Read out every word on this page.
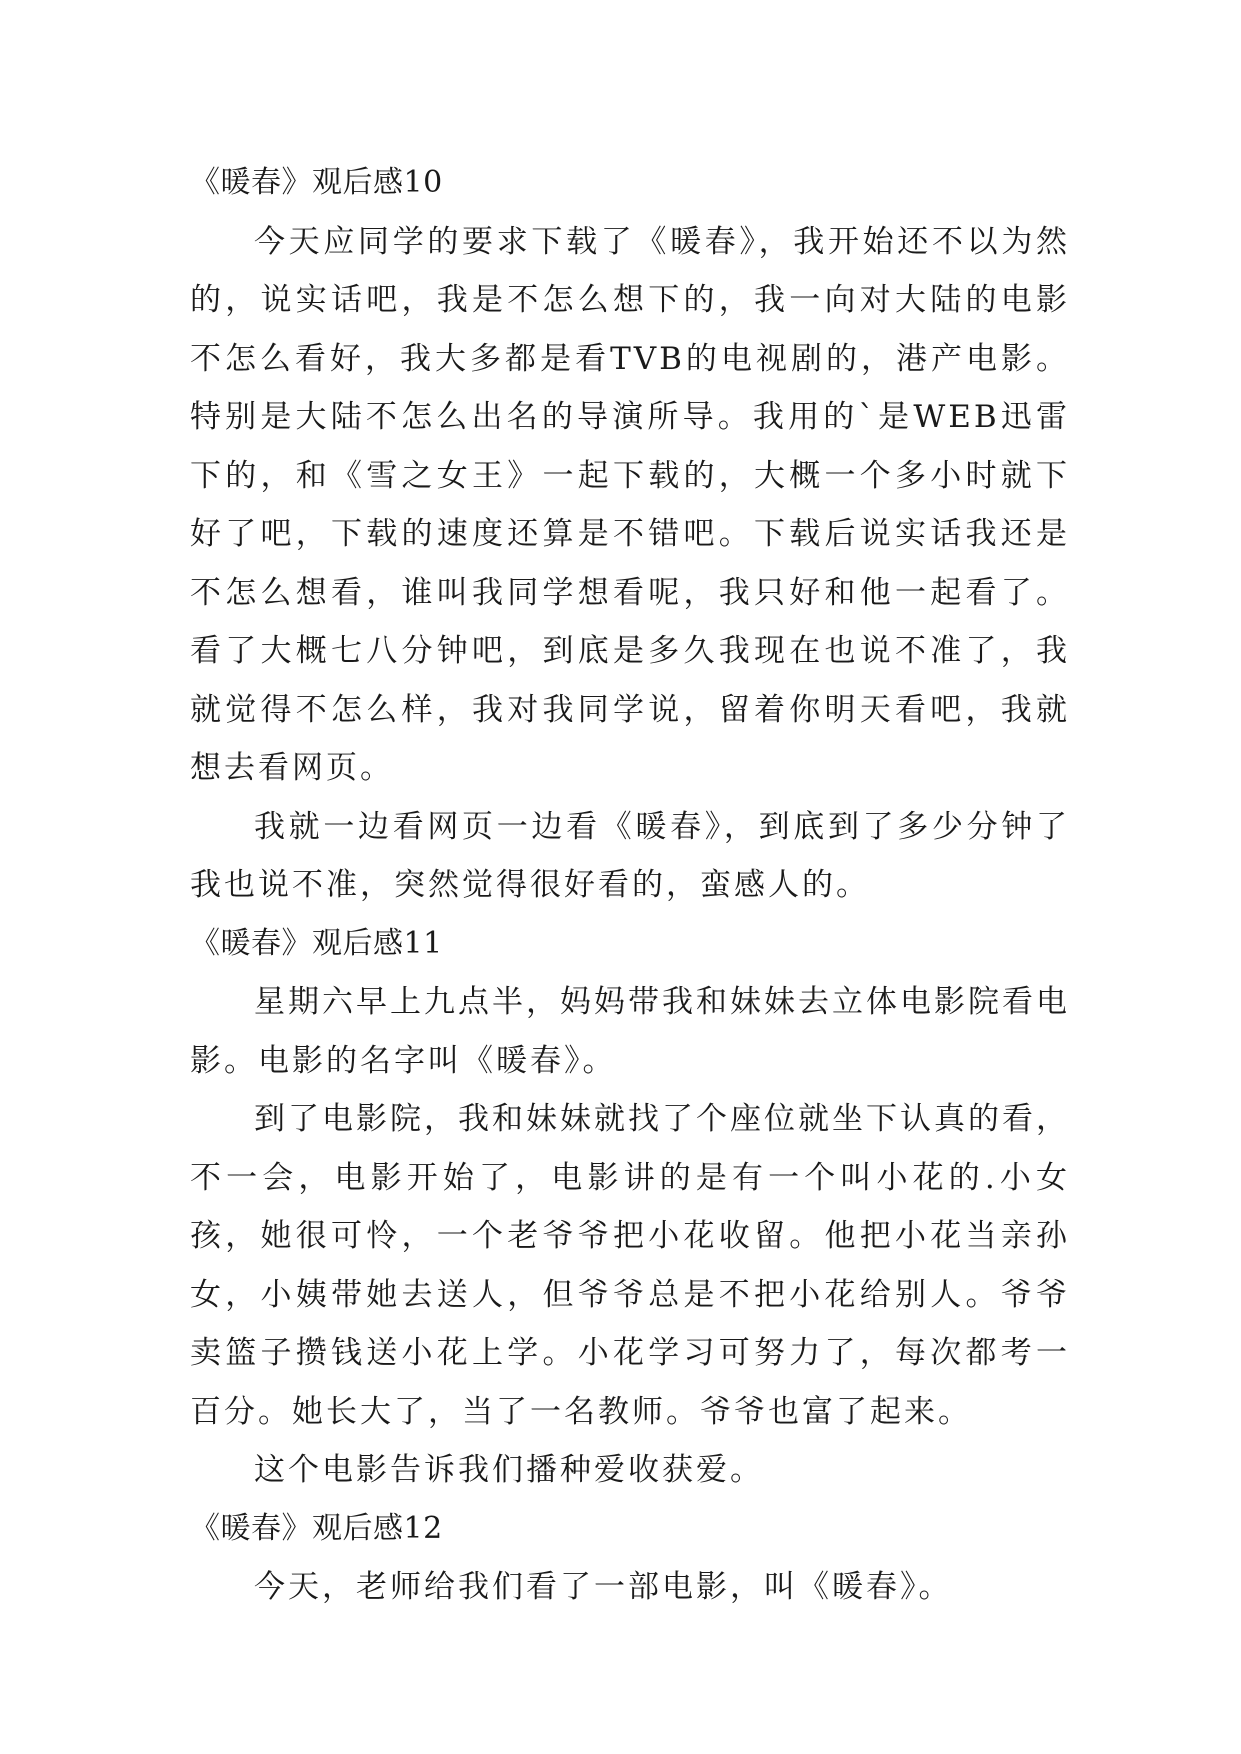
《暖春》观后感10

今天应同学的要求下载了《暖春》，我开始还不以为然的，说实话吧，我是不怎么想下的，我一向对大陆的电影不怎么看好，我大多都是看TVB的电视剧的，港产电影。特别是大陆不怎么出名的导演所导。我用的`是WEB迅雷下的，和《雪之女王》一起下载的，大概一个多小时就下好了吧，下载的速度还算是不错吧。下载后说实话我还是不怎么想看，谁叫我同学想看呢，我只好和他一起看了。看了大概七八分钟吧，到底是多久我现在也说不准了，我就觉得不怎么样，我对我同学说，留着你明天看吧，我就想去看网页。

我就一边看网页一边看《暖春》，到底到了多少分钟了我也说不准，突然觉得很好看的，蛮感人的。

《暖春》观后感11

星期六早上九点半，妈妈带我和妹妹去立体电影院看电影。电影的名字叫《暖春》。

到了电影院，我和妹妹就找了个座位就坐下认真的看，不一会，电影开始了，电影讲的是有一个叫小花的.小女孩，她很可怜，一个老爷爷把小花收留。他把小花当亲孙女，小姨带她去送人，但爷爷总是不把小花给别人。爷爷卖篮子攒钱送小花上学。小花学习可努力了，每次都考一百分。她长大了，当了一名教师。爷爷也富了起来。

这个电影告诉我们播种爱收获爱。

《暖春》观后感12

今天，老师给我们看了一部电影，叫《暖春》。
